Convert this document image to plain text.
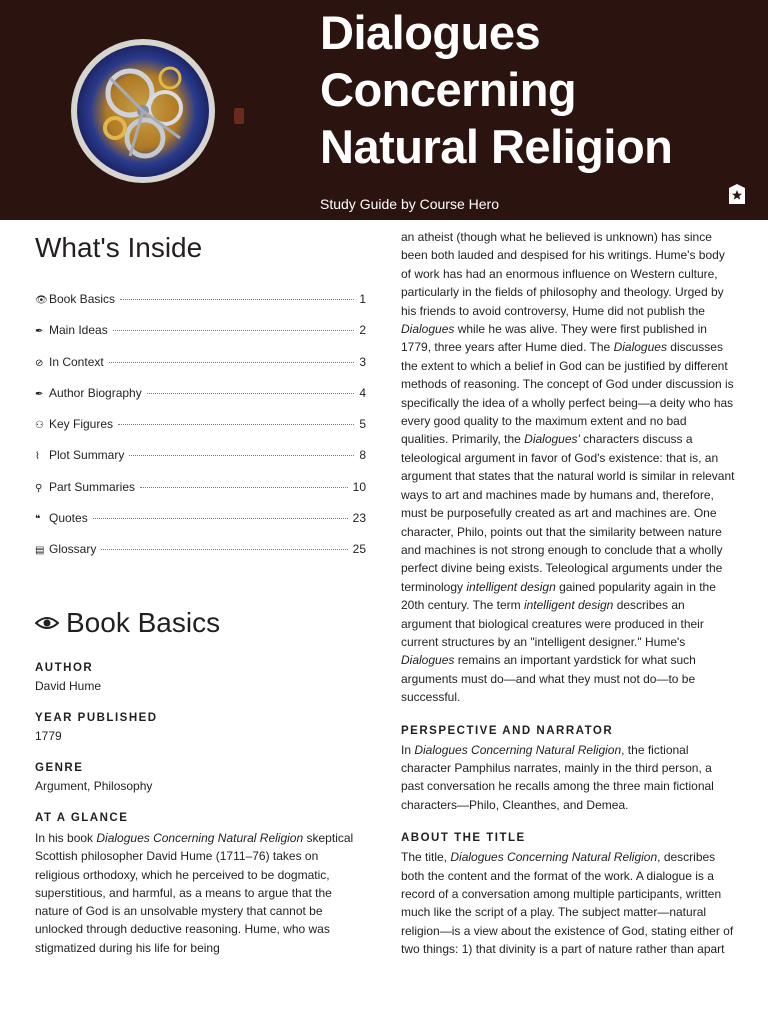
Dialogues
Concerning
Natural Religion
Study Guide by Course Hero
What's Inside
👁 Book Basics	1
✒ Main Ideas	2
⊘ In Context	3
✒ Author Biography	4
⚇ Key Figures	5
⌇ Plot Summary	8
⚲ Part Summaries	10
❝ Quotes	23
▤ Glossary	25
Book Basics

AUTHOR

David Hume

YEAR PUBLISHED

1779

GENRE

Argument, Philosophy

AT A GLANCE

In his book Dialogues Concerning Natural Religion skeptical Scottish philosopher David Hume (1711–76) takes on religious orthodoxy, which he perceived to be dogmatic, superstitious, and harmful, as a means to argue that the nature of God is an unsolvable mystery that cannot be unlocked through deductive reasoning. Hume, who was stigmatized during his life for being

an atheist (though what he believed is unknown) has since been both lauded and despised for his writings. Hume's body of work has had an enormous influence on Western culture, particularly in the fields of philosophy and theology. Urged by his friends to avoid controversy, Hume did not publish the Dialogues while he was alive. They were first published in 1779, three years after Hume died. The Dialogues discusses the extent to which a belief in God can be justified by different methods of reasoning. The concept of God under discussion is specifically the idea of a wholly perfect being—a deity who has every good quality to the maximum extent and no bad qualities. Primarily, the Dialogues' characters discuss a teleological argument in favor of God's existence: that is, an argument that states that the natural world is similar in relevant ways to art and machines made by humans and, therefore, must be purposefully created as art and machines are. One character, Philo, points out that the similarity between nature and machines is not strong enough to conclude that a wholly perfect divine being exists. Teleological arguments under the terminology intelligent design gained popularity again in the 20th century. The term intelligent design describes an argument that biological creatures were produced in their current structures by an "intelligent designer." Hume's Dialogues remains an important yardstick for what such arguments must do—and what they must not do—to be successful.

PERSPECTIVE AND NARRATOR

In Dialogues Concerning Natural Religion, the fictional character Pamphilus narrates, mainly in the third person, a past conversation he recalls among the three main fictional characters—Philo, Cleanthes, and Demea.

ABOUT THE TITLE

The title, Dialogues Concerning Natural Religion, describes both the content and the format of the work. A dialogue is a record of a conversation among multiple participants, written much like the script of a play. The subject matter—natural religion—is a view about the existence of God, stating either of two things: 1) that divinity is a part of nature rather than apart
